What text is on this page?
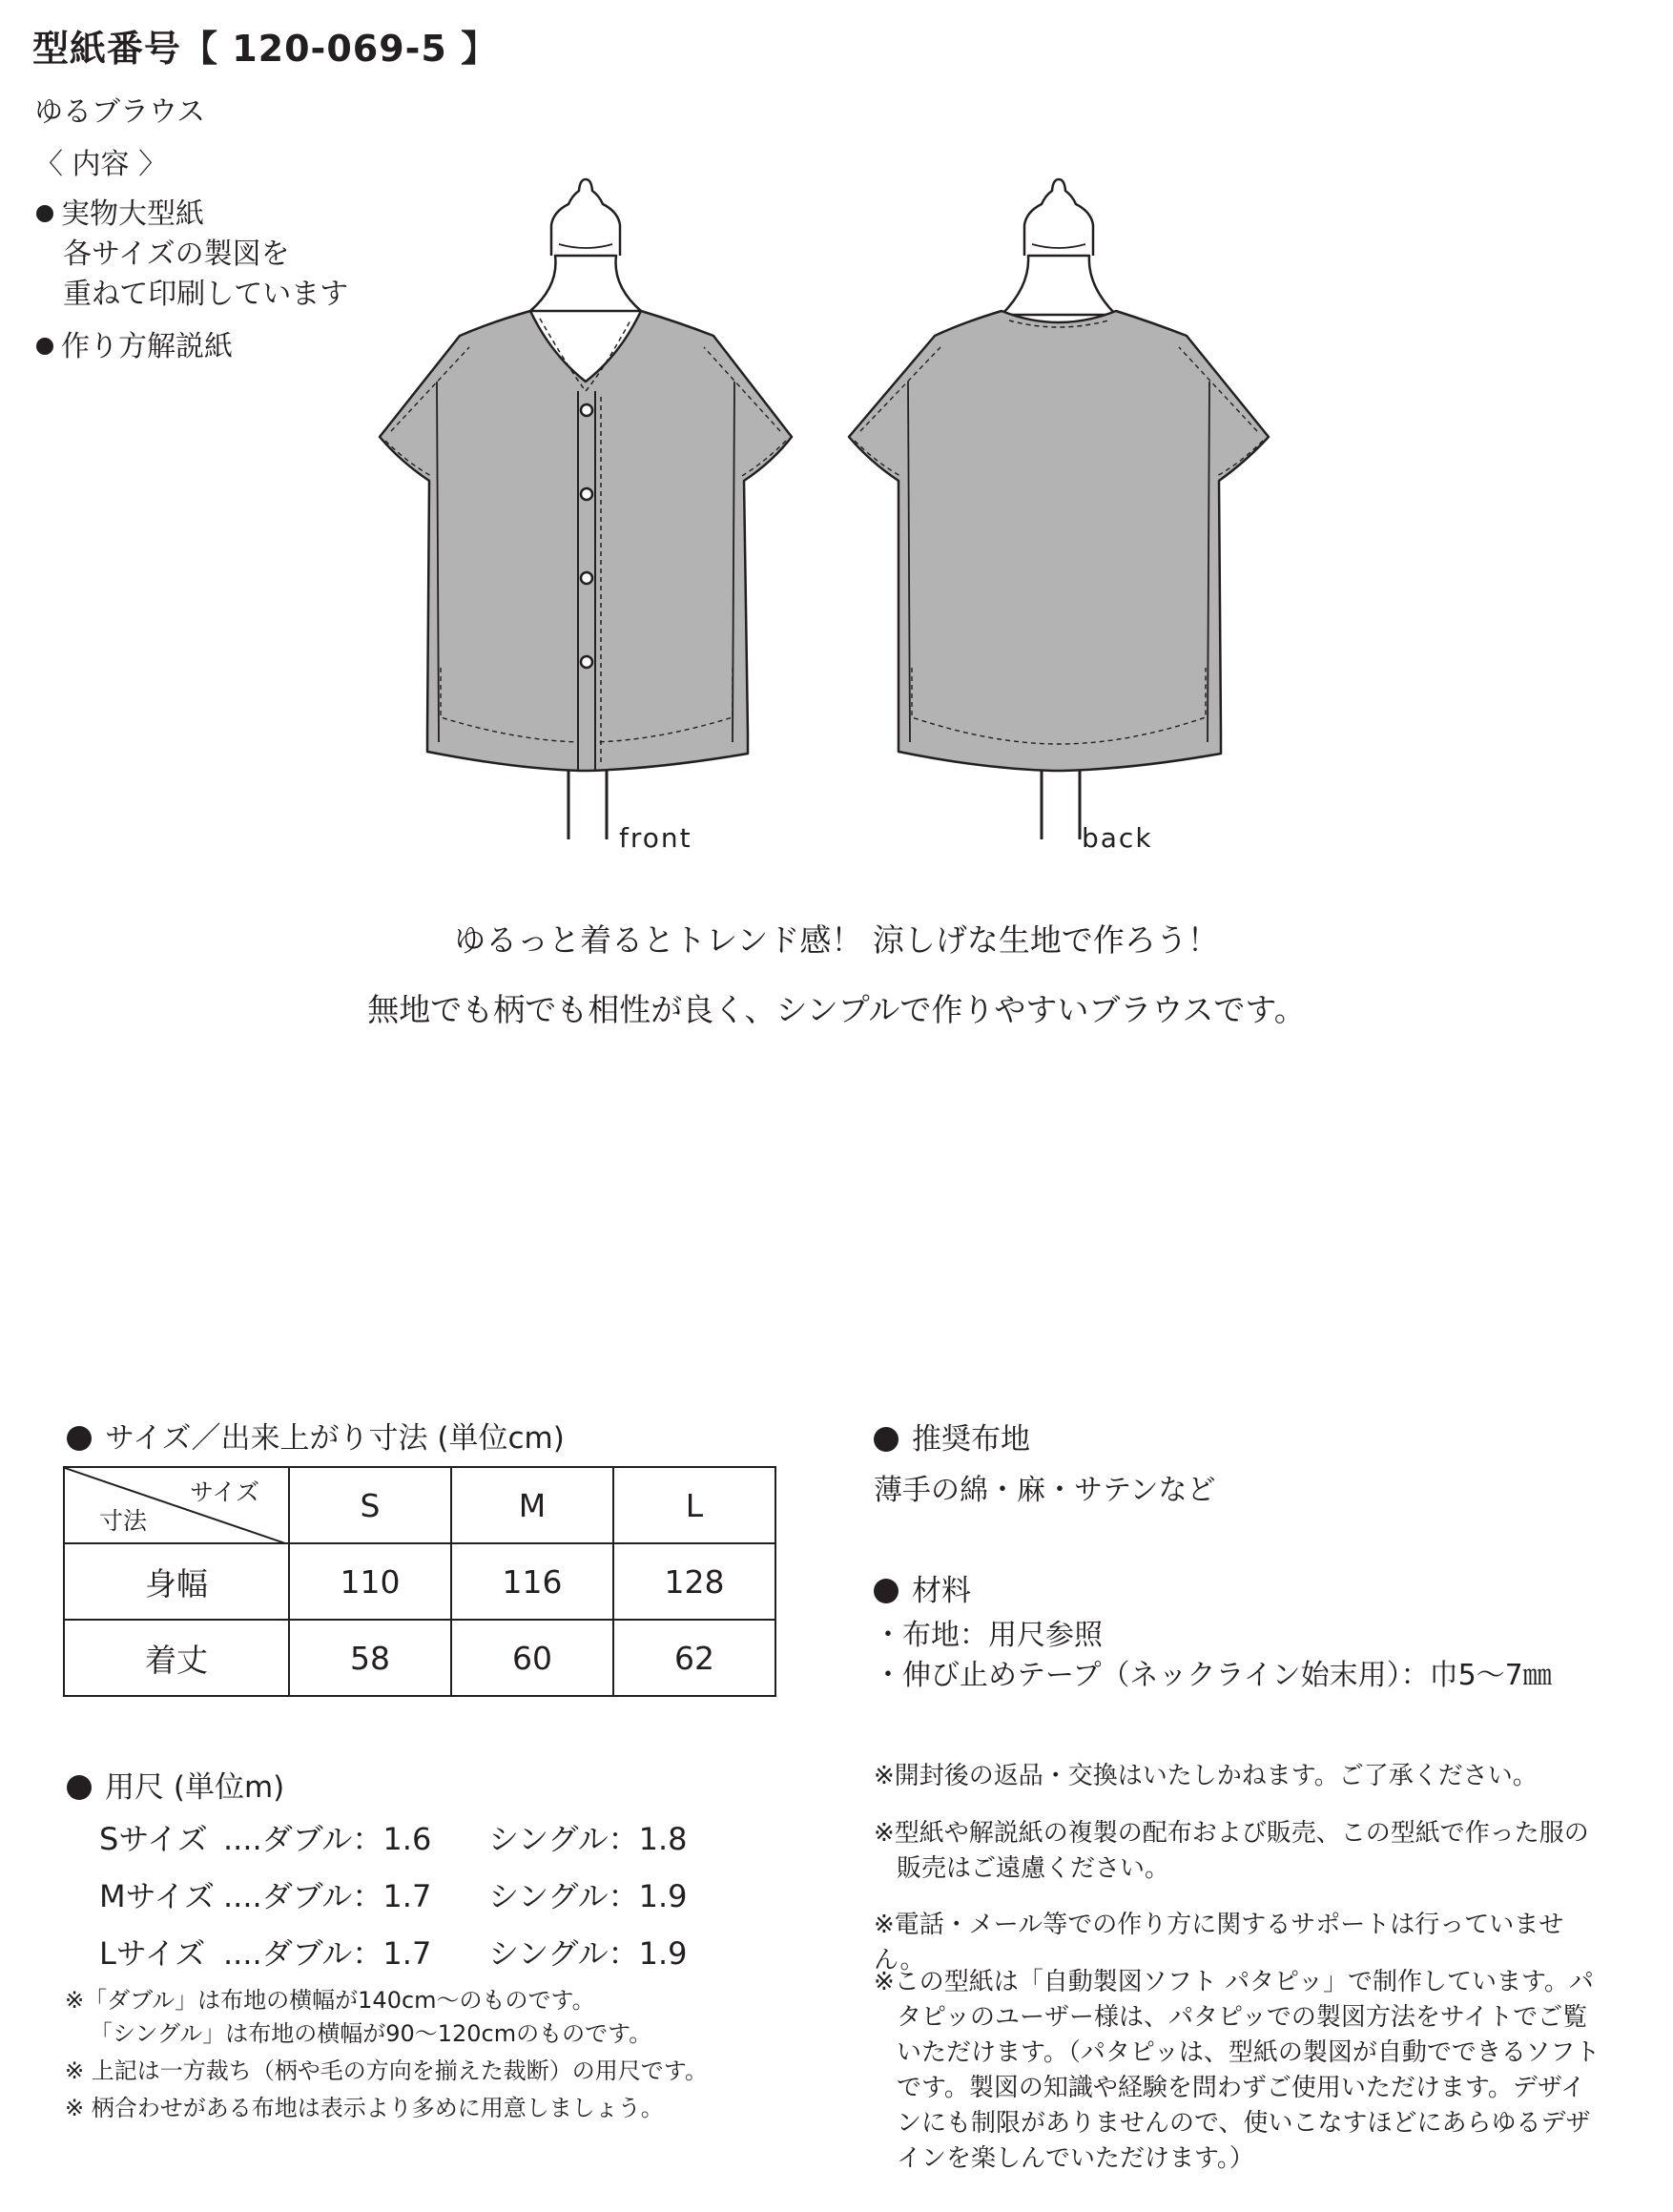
型紙番号【 120-069-5 】
ゆるブラウス
〈 内容 〉
実物大型紙
各サイズの製図を
重ねて印刷しています
作り方解説紙
front	back
ゆるっと着るとトレンド感！ 涼しげな生地で作ろう！
無地でも柄でも相性が良く、シンプルで作りやすいブラウスです。
サイズ／出来上がり寸法 (単位cm)
サイズ
寸法	S	M	L
身幅	110	116	128
着丈	58	60	62
用尺 (単位m)
Sサイズ ....ダブル：1.6 シングル：1.8
Mサイズ ....ダブル：1.7 シングル：1.9
Lサイズ ....ダブル：1.7 シングル：1.9
※「ダブル」は布地の横幅が140cm〜のものです。
「シングル」は布地の横幅が90〜120cmのものです。
※ 上記は一方裁ち（柄や毛の方向を揃えた裁断）の用尺です。
※ 柄合わせがある布地は表示より多めに用意しましょう。
推奨布地
薄手の綿・麻・サテンなど
材料
・布地：用尺参照
・伸び止めテープ（ネックライン始末用）：巾5〜7㎜
※開封後の返品・交換はいたしかねます。ご了承ください。
※型紙や解説紙の複製の配布および販売、この型紙で作った服の販売はご遠慮ください。
※電話・メール等での作り方に関するサポートは行っていません。
※この型紙は「自動製図ソフト パタピッ」で制作しています。パタピッのユーザー様は、パタピッでの製図方法をサイトでご覧いただけます。（パタピッは、型紙の製図が自動でできるソフトです。製図の知識や経験を問わずご使用いただけます。デザインにも制限がありませんので、使いこなすほどにあらゆるデザインを楽しんでいただけます。）
